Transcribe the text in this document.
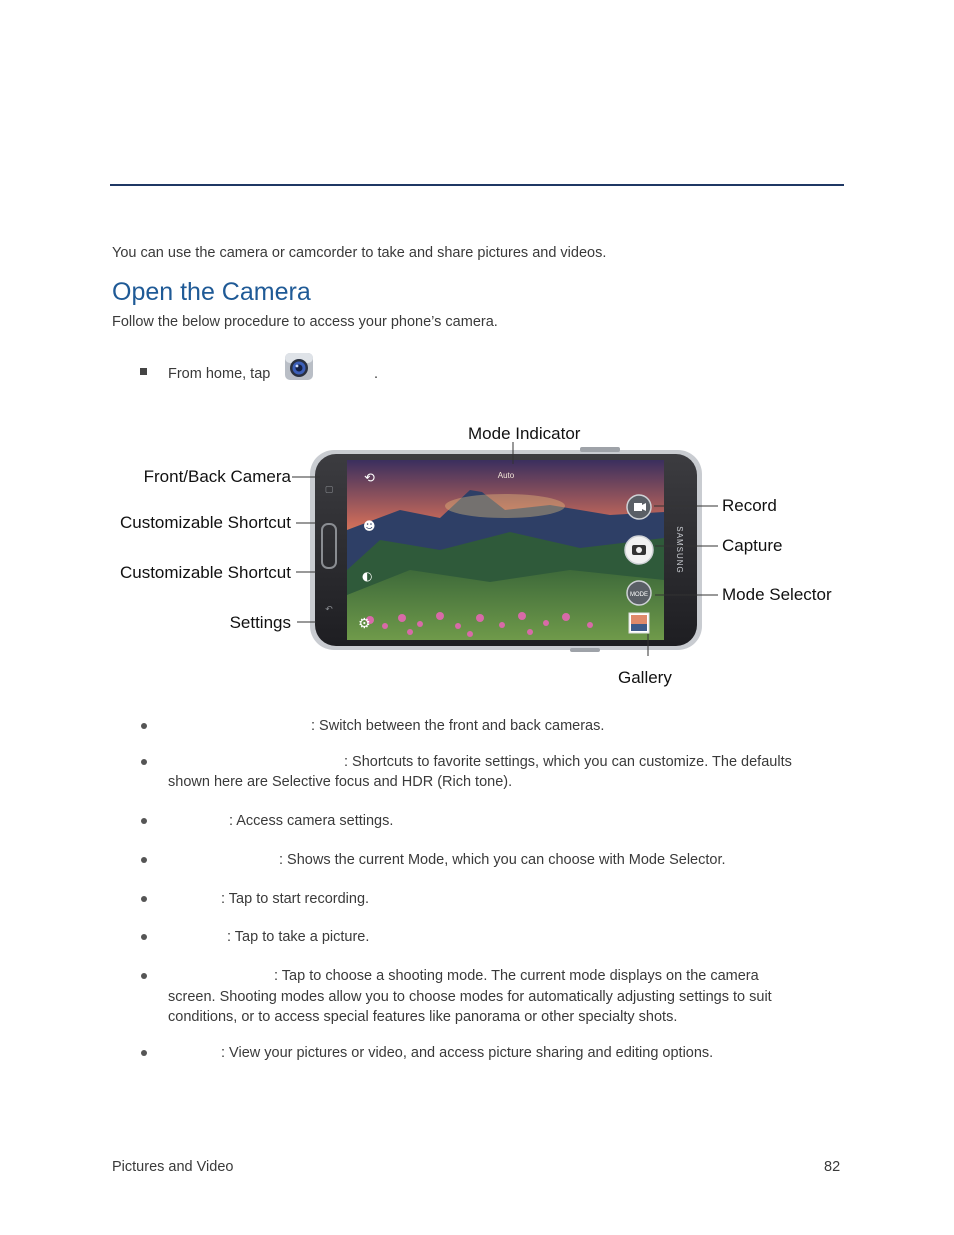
You can use the camera or camcorder to take and share pictures and videos.

Open the Camera

Follow the below procedure to access your phone’s camera.

From home, tap	.

▢
↶
⟲
☻
◐
⚙
Auto
MODE
SAMSUNG
Mode Indicator
Front/Back Camera
Customizable Shortcut
Customizable Shortcut
Settings
Record
Capture
Mode Selector
Gallery

: Switch between the front and back cameras.

: Shortcuts to favorite settings, which you can customize. The defaults

shown here are Selective focus and HDR (Rich tone).

: Access camera settings.

: Shows the current Mode, which you can choose with Mode Selector.

: Tap to start recording.

: Tap to take a picture.

: Tap to choose a shooting mode. The current mode displays on the camera

screen. Shooting modes allow you to choose modes for automatically adjusting settings to suit

conditions, or to access special features like panorama or other specialty shots.

: View your pictures or video, and access picture sharing and editing options.

Pictures and Video	82
